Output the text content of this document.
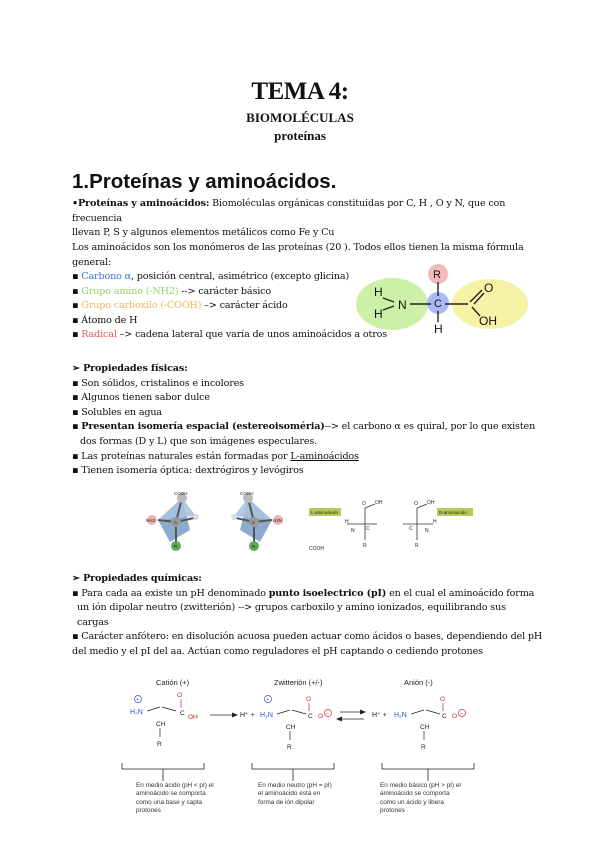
TEMA 4:
BIOMOLÉCULAS
proteínas
1.Proteínas y aminoácidos.
•Proteínas y aminoácidos: Biomoléculas orgánicas constituidas por C, H , O y N, que con frecuencia
llevan P, S y algunos elementos metálicos como Fe y Cu
Los aminoácidos son los monómeros de las proteínas (20 ). Todos ellos tienen la misma fórmula
general:
▪ Carbono α, posición central, asimétrico (excepto glicina)
▪ Grupo amino (-NH2) --> carácter básico
▪ Grupo carboxilo (-COOH) –> carácter ácido
▪ Átomo de H
▪ Radical –> cadena lateral que varía de unos aminoácidos a otros
H
H
N
R
C
H
O
OH
➢ Propiedades físicas:
▪ Son sólidos, cristalinos e incolores
▪ Algunos tienen sabor dulce
▪ Solubles en agua
▪ Presentan isomería espacial (estereoisoméria)--> el carbono α es quiral, por lo que existen
dos formas (D y L) que son imágenes especulares.
▪ Las proteínas naturales están formadas por L-aminoácidos
▪ Tienen isomería óptica: dextrógiros y levógiros
COOH
NH2	C
R
COOH
H2N
C
R
L-aminoácido	D-aminoácido
O OH
H
N C
R
COOH
O OH
H
N
C
R
➢ Propiedades químicas:
▪ Para cada aa existe un pH denominado punto isoelectrico (pI) en el cual el aminoácido forma
un ión dipolar neutro (zwitterión) --> grupos carboxilo y amino ionizados, equilibrando sus
cargas
▪ Carácter anfótero: en disolución acuosa pueden actuar como ácidos o bases, dependiendo del pH
del medio y el pI del aa. Actúan como reguladores el pH captando o cediendo protones
Catión (+)	Zwitterión (+/-)	Anión (-)
+
H₂N	C
O
OH
CH
R
H⁺ +
+
H₃N	C
O
O −
CH
R
H⁺ + H₂N	C
O
O −
CH
R
En medio ácido (pH < pI) el
aminoácido se comporta
como una base y capta
protones
En medio neutro (pH = pI)
el aminoácido está en
forma de ión dipolar
En medio básico (pH > pI) el
aminoácido se comporta
como un ácido y libera
protones
